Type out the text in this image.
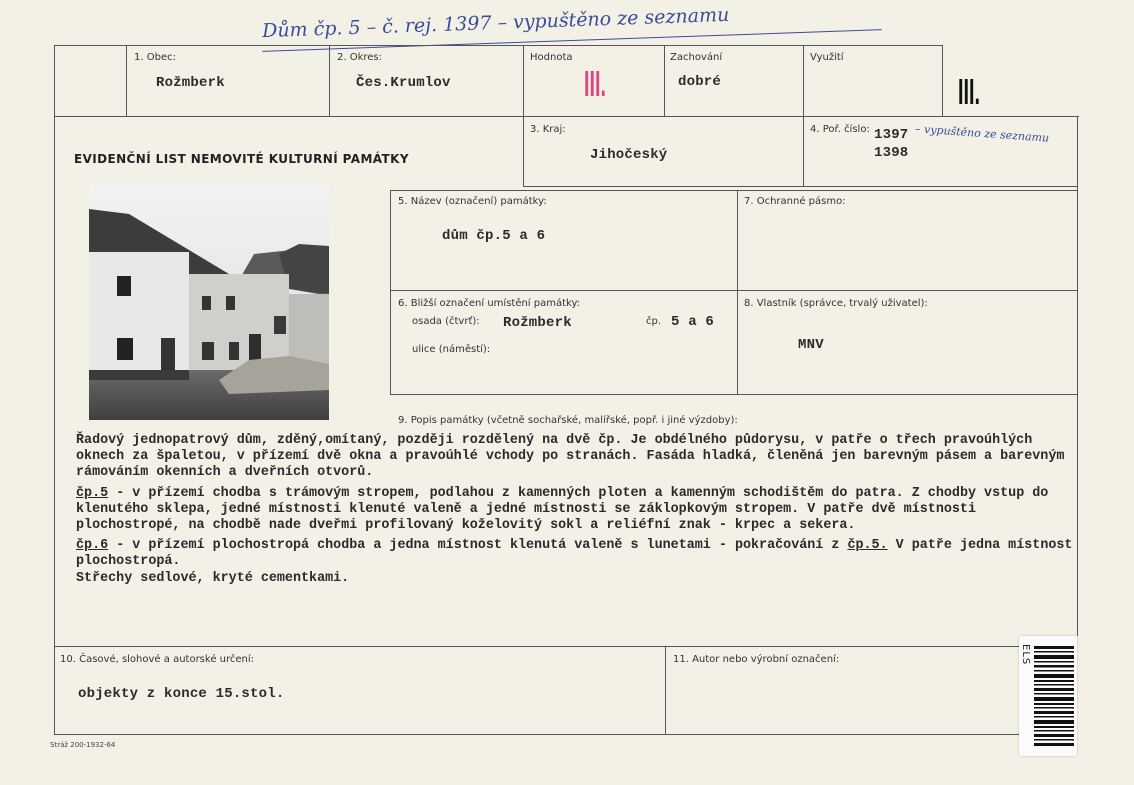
Dům čp. 5 – č. rej. 1397 – vypuštěno ze seznamu
1. Obec:
Rožmberk
2. Okres:
Čes.Krumlov
Hodnota
III.
Zachování
dobré
Využití
III.
EVIDENČNÍ LIST NEMOVITÉ KULTURNÍ PAMÁTKY
3. Kraj:
Jihočeský
4. Poř. číslo: 1397
1398
– vypuštěno ze seznamu
5. Název (označení) památky:
dům čp.5 a 6
7. Ochranné pásmo:
6. Bližší označení umístění památky:
osada (čtvrť): Rožmberk	čp. 5 a 6
ulice (náměstí):
8. Vlastník (správce, trvalý uživatel):
MNV
9. Popis památky (včetně sochařské, malířské, popř. i jiné výzdoby):

Řadový jednopatrový dům, zděný,omítaný, později rozdělený na dvě čp. Je obdélného půdorysu, v patře o třech pravoúhlých oknech za špaletou, v přízemí dvě okna a pravoúhlé vchody po stranách. Fasáda hladká, členěná jen barevným pásem a barevným rámováním okenních a dveřních otvorů.

čp.5 - v přízemí chodba s trámovým stropem, podlahou z kamenných ploten a kamenným schodištěm do patra. Z chodby vstup do klenutého sklepa, jedné místnosti klenuté valeně a jedné místnosti se záklopkovým stropem. V patře dvě místnosti plochostropé, na chodbě nade dveřmi profilovaný koželovitý sokl a reliéfní znak - krpec a sekera.

čp.6 - v přízemí plochostropá chodba a jedna místnost klenutá valeně s lunetami - pokračování z čp.5. V patře jedna místnost plochostropá.

Střechy sedlové, kryté cementkami.

10. Časové, slohové a autorské určení:
objekty z konce 15.stol.
11. Autor nebo výrobní označení:	ELS
Stráž 200-1932-64
